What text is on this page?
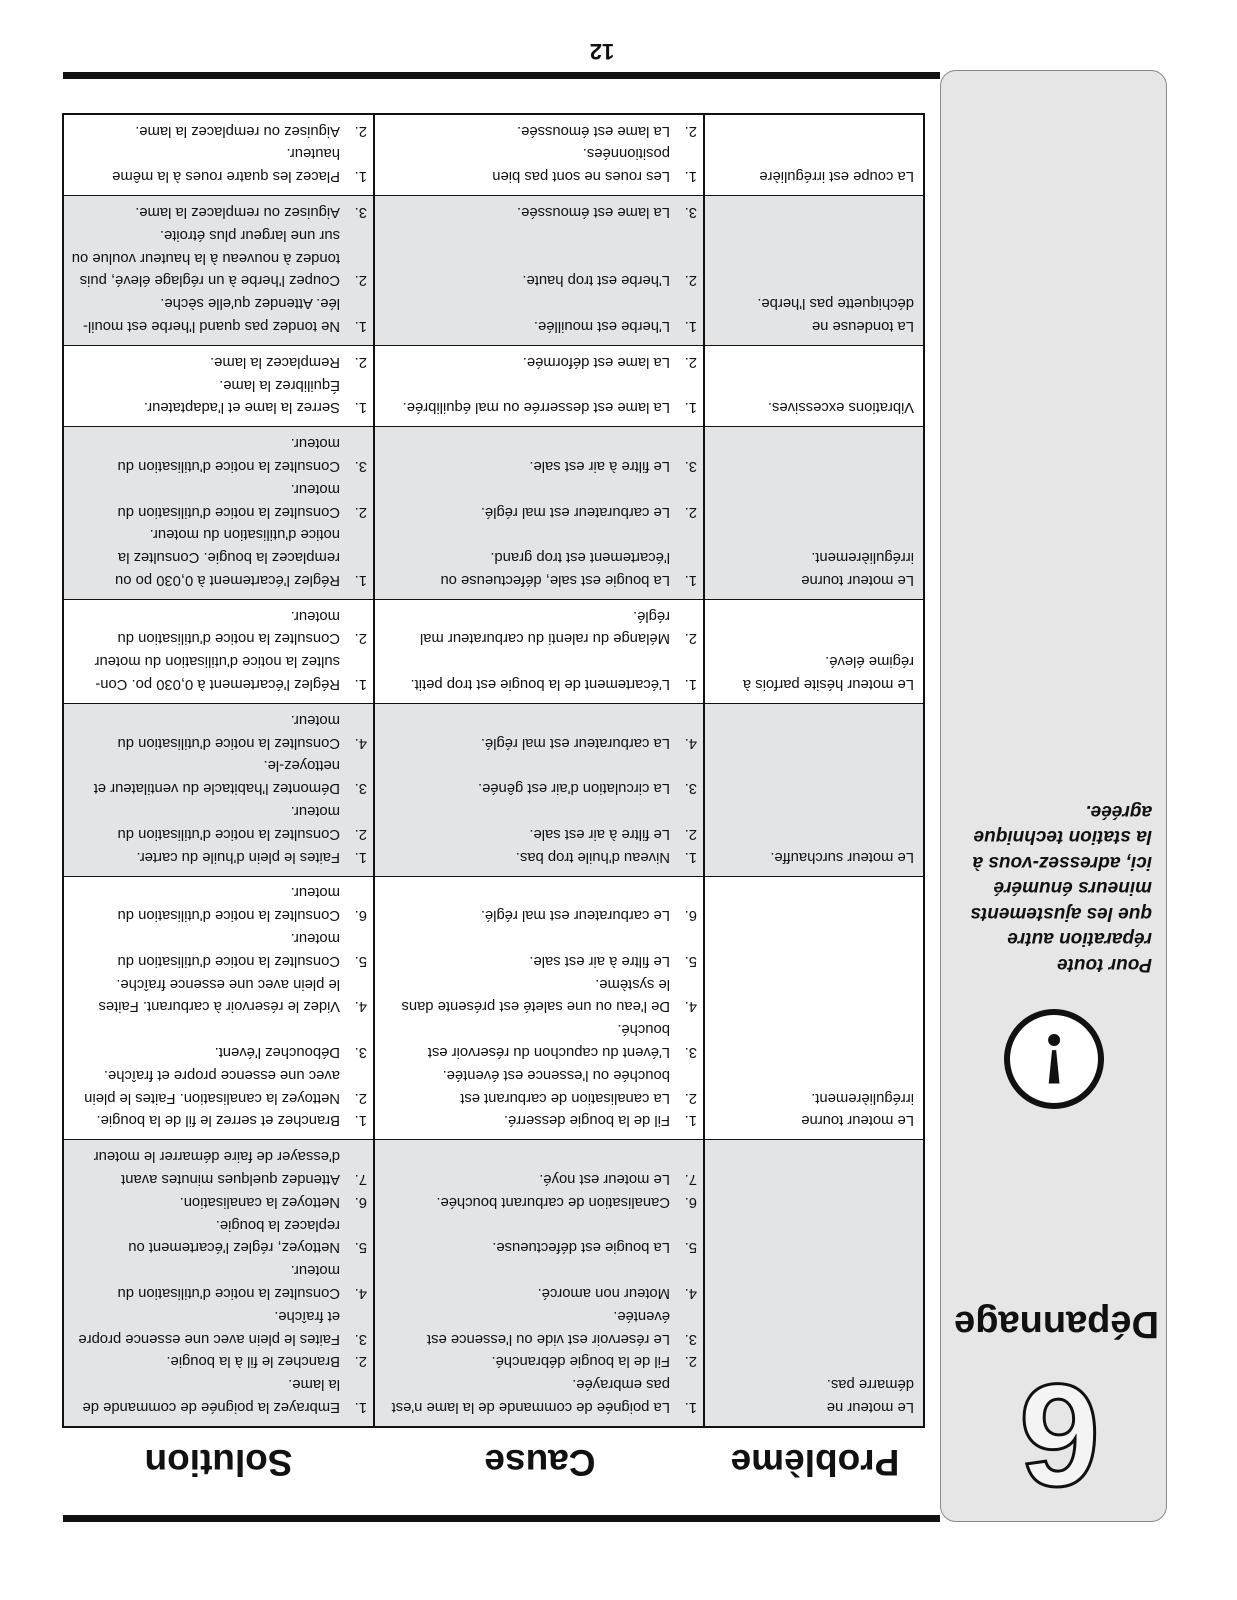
6
Dépannage
!
Pour toute
réparation autre
que les ajustements
mineurs énuméré
ici, adressez-vous à
la station technique
agréée.
Problème
Cause
Solution
Le moteur ne
démarre pas.
1.
La poignée de commande de la lame n'est
pas embrayée.
1.
Embrayez la poignée de commande de
la lame.
2.
Fil de la bougie débranché.
2.
Branchez le fil à la bougie.
3.
Le réservoir est vide ou l'essence est
éventée.
3.
Faites le plein avec une essence propre
et fraîche.
4.
Moteur non amorcé.
4.
Consultez la notice d'utilisation du
moteur.
5.
La bougie est défectueuse.
5.
Nettoyez, réglez l'écartement ou
replacez la bougie.
6.
Canalisation de carburant bouchée.
6.
Nettoyez la canalisation.
7.
Le moteur est noyé.
7.
Attendez quelques minutes avant
d'essayer de faire démarrer le moteur
Le moteur tourne
irrégulièrement.
1.
Fil de la bougie desserré.
1.
Branchez et serrez le fil de la bougie.
2.
La canalisation de carburant est
bouchée ou l'essence est éventée.
2.
Nettoyez la canalisation. Faites le plein
avec une essence propre et fraîche.
3.
L'évent du capuchon du réservoir est
bouché.
3.
Débouchez l'évent.
4.
De l'eau ou une saleté est présente dans
le système.
4.
Videz le réservoir à carburant. Faites
le plein avec une essence fraîche.
5.
Le filtre à air est sale.
5.
Consultez la notice d'utilisation du
moteur.
6.
Le carburateur est mal réglé.
6.
Consultez la notice d'utilisation du
moteur.
Le moteur surchauffe.
1.
Niveau d'huile trop bas.
1.
Faites le plein d'huile du carter.
2.
Le filtre à air est sale.
2.
Consultez la notice d'utilisation du
moteur.
3.
La circulation d'air est gênée.
3.
Démontez l'habitacle du ventilateur et
nettoyez-le.
4.
La carburateur est mal réglé.
4.
Consultez la notice d'utilisation du
moteur.
Le moteur hésite parfois à
régime élevé.
1.
L'écartement de la bougie est trop petit.
1.
Réglez l'écartement à 0,030 po. Con-
sultez la notice d'utilisation du moteur
2.
Mélange du ralenti du carburateur mal
réglé.
2.
Consultez la notice d'utilisation du
moteur.
Le moteur tourne
irrégulièrement.
1.
La bougie est sale, défectueuse ou
l'écartement est trop grand.
1.
Réglez l'écartement à 0,030 po ou
remplacez la bougie. Consultez la
notice d'utilisation du moteur.
2.
Le carburateur est mal réglé.
2.
Consultez la notice d'utilisation du
moteur.
3.
Le filtre à air est sale.
3.
Consultez la notice d'utilisation du
moteur.
Vibrations excessives.
1.
La lame est desserrée ou mal équilibrée.
1.
Serrez la lame et l'adaptateur.
Équilibrez la lame.
2.
La lame est déformée.
2.
Remplacez la lame.
La tondeuse ne
déchiquette pas l'herbe.
1.
L'herbe est mouillée.
1.
Ne tondez pas quand l'herbe est mouil-
lée. Attendez qu'elle sèche.
2.
L'herbe est trop haute.
2.
Coupez l'herbe à un réglage élevé, puis
tondez à nouveau à la hauteur voulue ou
sur une largeur plus étroite.
3.
La lame est émoussée.
3.
Aiguisez ou remplacez la lame.
La coupe est irrégulière
1.
Les roues ne sont pas bien
positionnées.
1.
Placez les quatre roues à la même
hauteur.
2.
La lame est émoussée.
2.
Aiguisez ou remplacez la lame.
12
